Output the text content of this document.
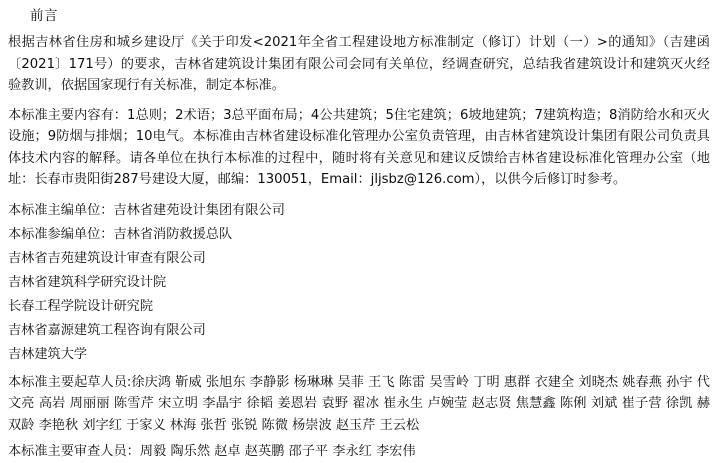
前言

根据吉林省住房和城乡建设厅《关于印发<2021年全省工程建设地方标准制定（修订）计划（一）>的通知》（吉建函〔2021〕171号）的要求，吉林省建筑设计集团有限公司会同有关单位，经调查研究，总结我省建筑设计和建筑灭火经验教训，依据国家现行有关标准，制定本标准。

本标准主要内容有：1总则；2术语；3总平面布局；4公共建筑；5住宅建筑；6坡地建筑；7建筑构造；8消防给水和灭火设施；9防烟与排烟；10电气。本标准由吉林省建设标准化管理办公室负责管理，由吉林省建筑设计集团有限公司负责具体技术内容的解释。请各单位在执行本标准的过程中，随时将有关意见和建议反馈给吉林省建设标准化管理办公室（地址：长春市贵阳街287号建设大厦，邮编：130051，Email：jljsbz@126.com），以供今后修订时参考。

本标准主编单位：吉林省建苑设计集团有限公司

本标准参编单位：吉林省消防救援总队

吉林省吉苑建筑设计审查有限公司

吉林省建筑科学研究设计院

长春工程学院设计研究院

吉林省嘉源建筑工程咨询有限公司

吉林建筑大学

本标准主要起草人员:徐庆鸿 靳威 张旭东 李静影 杨琳琳 吴菲 王飞 陈雷 吴雪岭 丁明 惠群 衣建全 刘晓杰 姚春燕 孙宇 代文亮 高岩 周丽丽 陈雪芹 宋立明 李晶宇 徐韬 姜恩岩 袁野 翟冰 崔永生 卢婉莹 赵志贤 焦慧鑫 陈俐 刘斌 崔子营 徐凯 赫双龄 李艳秋 刘字红 于家义 林海 张哲 张锐 陈微 杨崇波 赵玉芹 王云松

本标准主要审查人员：周毅 陶乐然 赵卓 赵英鹏 邵子平 李永红 李宏伟
